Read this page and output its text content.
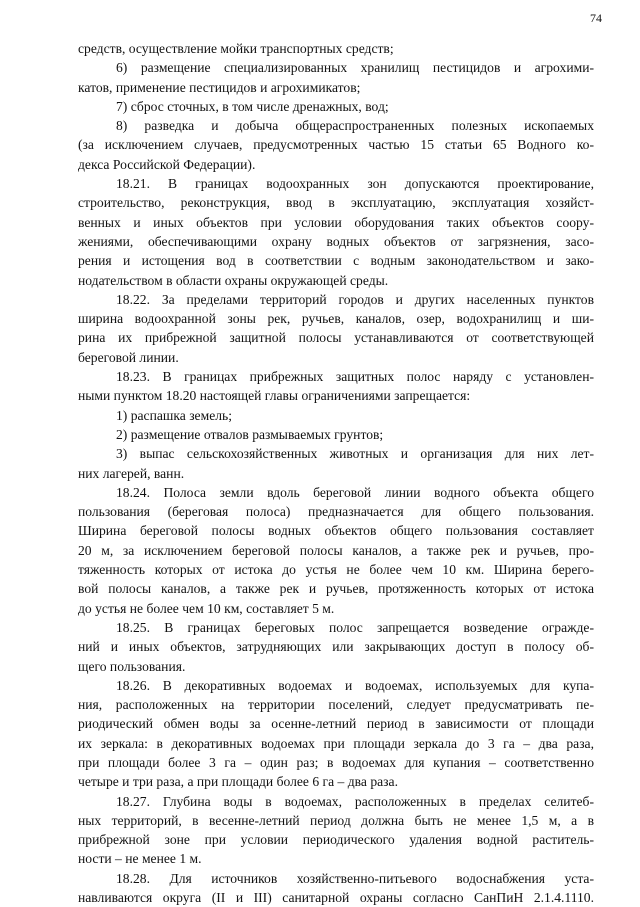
74
средств, осуществление мойки транспортных средств;
6) размещение специализированных хранилищ пестицидов и агрохими-
катов, применение пестицидов и агрохимикатов;
7) сброс сточных, в том числе дренажных, вод;
8) разведка и добыча общераспространенных полезных ископаемых
(за исключением случаев, предусмотренных частью 15 статьи 65 Водного ко-
декса Российской Федерации).
18.21. В границах водоохранных зон допускаются проектирование,
строительство, реконструкция, ввод в эксплуатацию, эксплуатация хозяйст-
венных и иных объектов при условии оборудования таких объектов соору-
жениями, обеспечивающими охрану водных объектов от загрязнения, засо-
рения и истощения вод в соответствии с водным законодательством и зако-
нодательством в области охраны окружающей среды.
18.22. За пределами территорий городов и других населенных пунктов
ширина водоохранной зоны рек, ручьев, каналов, озер, водохранилищ и ши-
рина их прибрежной защитной полосы устанавливаются от соответствующей
береговой линии.
18.23. В границах прибрежных защитных полос наряду с установлен-
ными пунктом 18.20 настоящей главы ограничениями запрещается:
1) распашка земель;
2) размещение отвалов размываемых грунтов;
3) выпас сельскохозяйственных животных и организация для них лет-
них лагерей, ванн.
18.24. Полоса земли вдоль береговой линии водного объекта общего
пользования (береговая полоса) предназначается для общего пользования.
Ширина береговой полосы водных объектов общего пользования составляет
20 м, за исключением береговой полосы каналов, а также рек и ручьев, про-
тяженность которых от истока до устья не более чем 10 км. Ширина берего-
вой полосы каналов, а также рек и ручьев, протяженность которых от истока
до устья не более чем 10 км, составляет 5 м.
18.25. В границах береговых полос запрещается возведение огражде-
ний и иных объектов, затрудняющих или закрывающих доступ в полосу об-
щего пользования.
18.26. В декоративных водоемах и водоемах, используемых для купа-
ния, расположенных на территории поселений, следует предусматривать пе-
риодический обмен воды за осенне-летний период в зависимости от площади
их зеркала: в декоративных водоемах при площади зеркала до 3 га – два раза,
при площади более 3 га – один раз; в водоемах для купания – соответственно
четыре и три раза, а при площади более 6 га – два раза.
18.27. Глубина воды в водоемах, расположенных в пределах селитеб-
ных территорий, в весенне-летний период должна быть не менее 1,5 м, а в
прибрежной зоне при условии периодического удаления водной раститель-
ности – не менее 1 м.
18.28. Для источников хозяйственно-питьевого водоснабжения уста-
навливаются округа (II и III) санитарной охраны согласно СанПиН 2.1.4.1110.
